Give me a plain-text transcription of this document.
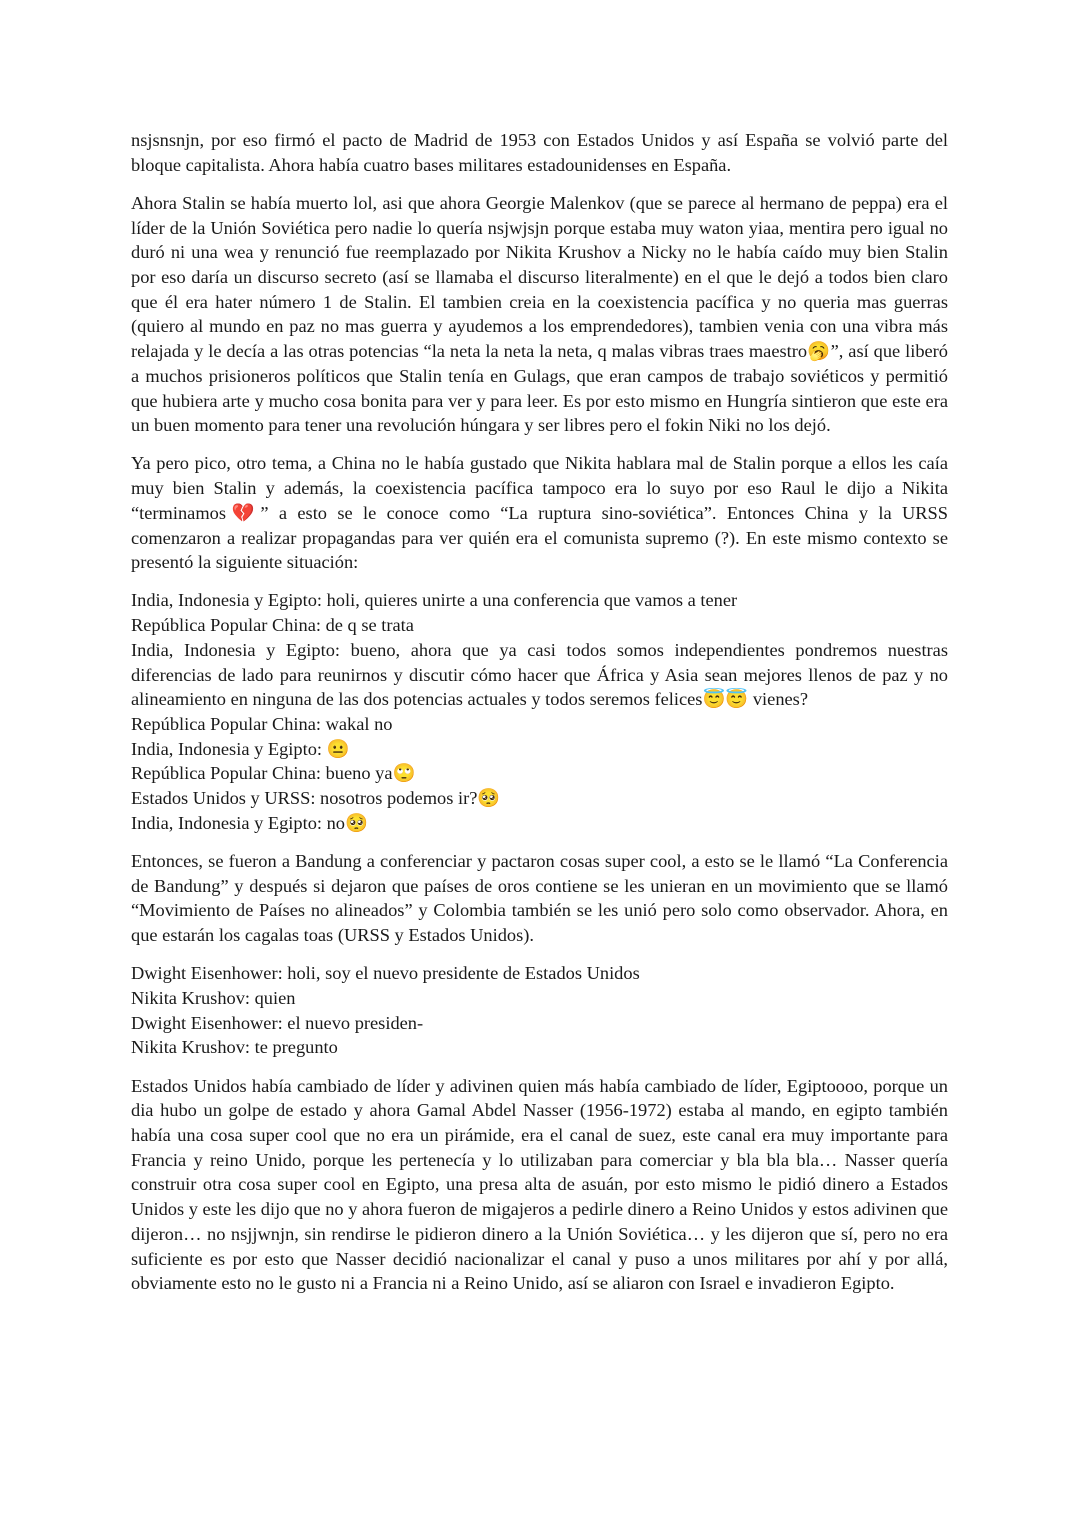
nsjsnsnjn, por eso firmó el pacto de Madrid de 1953 con Estados Unidos y así España se volvió parte del bloque capitalista. Ahora había cuatro bases militares estadounidenses en España.

Ahora Stalin se había muerto lol, asi que ahora Georgie Malenkov (que se parece al hermano de peppa) era el líder de la Unión Soviética pero nadie lo quería nsjwjsjn porque estaba muy waton yiaa, mentira pero igual no duró ni una wea y renunció fue reemplazado por Nikita Krushov a Nicky no le había caído muy bien Stalin por eso daría un discurso secreto (así se llamaba el discurso literalmente) en el que le dejó a todos bien claro que él era hater número 1 de Stalin. El tambien creia en la coexistencia pacífica y no queria mas guerras (quiero al mundo en paz no mas guerra y ayudemos a los emprendedores), tambien venia con una vibra más relajada y le decía a las otras potencias “la neta la neta la neta, q malas vibras traes maestro🥱”, así que liberó a muchos prisioneros políticos que Stalin tenía en Gulags, que eran campos de trabajo soviéticos y permitió que hubiera arte y mucho cosa bonita para ver y para leer. Es por esto mismo en Hungría sintieron que este era un buen momento para tener una revolución húngara y ser libres pero el fokin Niki no los dejó.

Ya pero pico, otro tema, a China no le había gustado que Nikita hablara mal de Stalin porque a ellos les caía muy bien Stalin y además, la coexistencia pacífica tampoco era lo suyo por eso Raul le dijo a Nikita “terminamos💔” a esto se le conoce como “La ruptura sino-soviética”. Entonces China y la URSS comenzaron a realizar propagandas para ver quién era el comunista supremo (?). En este mismo contexto se presentó la siguiente situación:

India, Indonesia y Egipto: holi, quieres unirte a una conferencia que vamos a tener
República Popular China: de q se trata
India, Indonesia y Egipto: bueno, ahora que ya casi todos somos independientes pondremos nuestras diferencias de lado para reunirnos y discutir cómo hacer que África y Asia sean mejores llenos de paz y no alineamiento en ninguna de las dos potencias actuales y todos seremos felices😇😇 vienes?
República Popular China: wakal no
India, Indonesia y Egipto: 😐
República Popular China: bueno ya🙄
Estados Unidos y URSS: nosotros podemos ir?🥺
India, Indonesia y Egipto: no🥺

Entonces, se fueron a Bandung a conferenciar y pactaron cosas super cool, a esto se le llamó “La Conferencia de Bandung” y después si dejaron que países de oros contiene se les unieran en un movimiento que se llamó “Movimiento de Países no alineados” y Colombia también se les unió pero solo como observador. Ahora, en que estarán los cagalas toas (URSS y Estados Unidos).

Dwight Eisenhower: holi, soy el nuevo presidente de Estados Unidos
Nikita Krushov: quien
Dwight Eisenhower: el nuevo presiden-
Nikita Krushov: te pregunto

Estados Unidos había cambiado de líder y adivinen quien más había cambiado de líder, Egiptoooo, porque un dia hubo un golpe de estado y ahora Gamal Abdel Nasser (1956-1972) estaba al mando, en egipto también había una cosa super cool que no era un pirámide, era el canal de suez, este canal era muy importante para Francia y reino Unido, porque les pertenecía y lo utilizaban para comerciar y bla bla bla… Nasser quería construir otra cosa super cool en Egipto, una presa alta de asuán, por esto mismo le pidió dinero a Estados Unidos y este les dijo que no y ahora fueron de migajeros a pedirle dinero a Reino Unidos y estos adivinen que dijeron… no nsjjwnjn, sin rendirse le pidieron dinero a la Unión Soviética… y les dijeron que sí, pero no era suficiente es por esto que Nasser decidió nacionalizar el canal y puso a unos militares por ahí y por allá, obviamente esto no le gusto ni a Francia ni a Reino Unido, así se aliaron con Israel e invadieron Egipto.
